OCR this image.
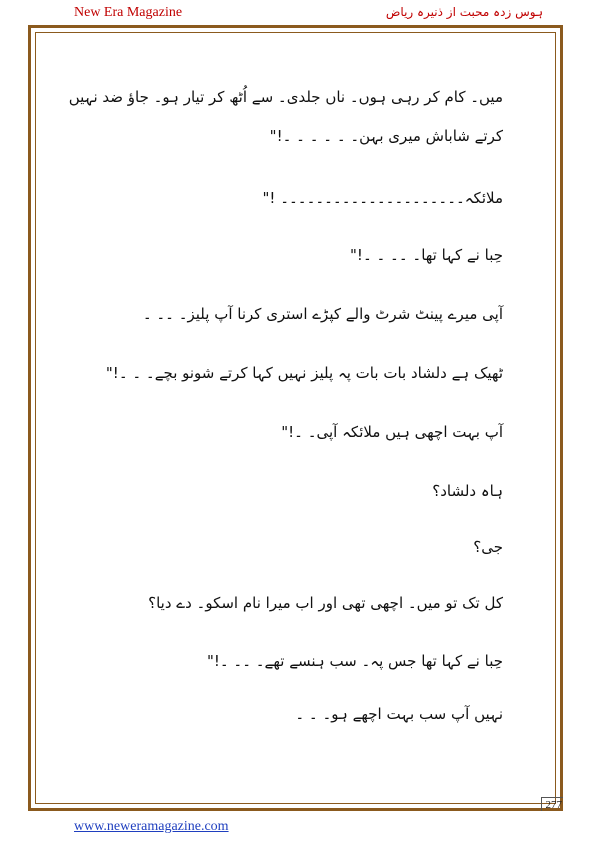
New Era Magazine	ہوس زدہ محبت از ذنیرہ ریاض
میں۔ کام کر رہی ہوں۔ ناں جلدی۔ سے اُٹھ کر تیار ہو۔ جاؤ ضد نہیں
کرتے شاباش میری بہن۔ ۔ ۔ ۔ ۔ ۔!"
ملائکہ۔۔۔۔۔۔۔۔۔۔۔۔۔۔۔۔۔۔۔۔۔ !"
حِبا نے کہا تھا۔ ۔۔ ۔ ۔!"
آپی میرے پینٹ شرٹ والے کپڑے استری کرنا آپ پلیز۔ ۔۔ ۔
ٹھیک ہے دلشاد بات بات پہ پلیز نہیں کہا کرتے شونو بچے۔ ۔ ۔!"
آپ بہت اچھی ہیں ملائکہ آپی۔ ۔!"
ہاہ دلشاد؟
جی؟
کل تک تو میں۔ اچھی تھی اور اب میرا نام اسکو۔ دے دیا؟
حِبا نے کہا تھا جس پہ۔ سب ہنسے تھے۔ ۔۔ ۔!"
نہیں آپ سب بہت اچھے ہو۔ ۔ ۔
277
www.neweramagazine.com
